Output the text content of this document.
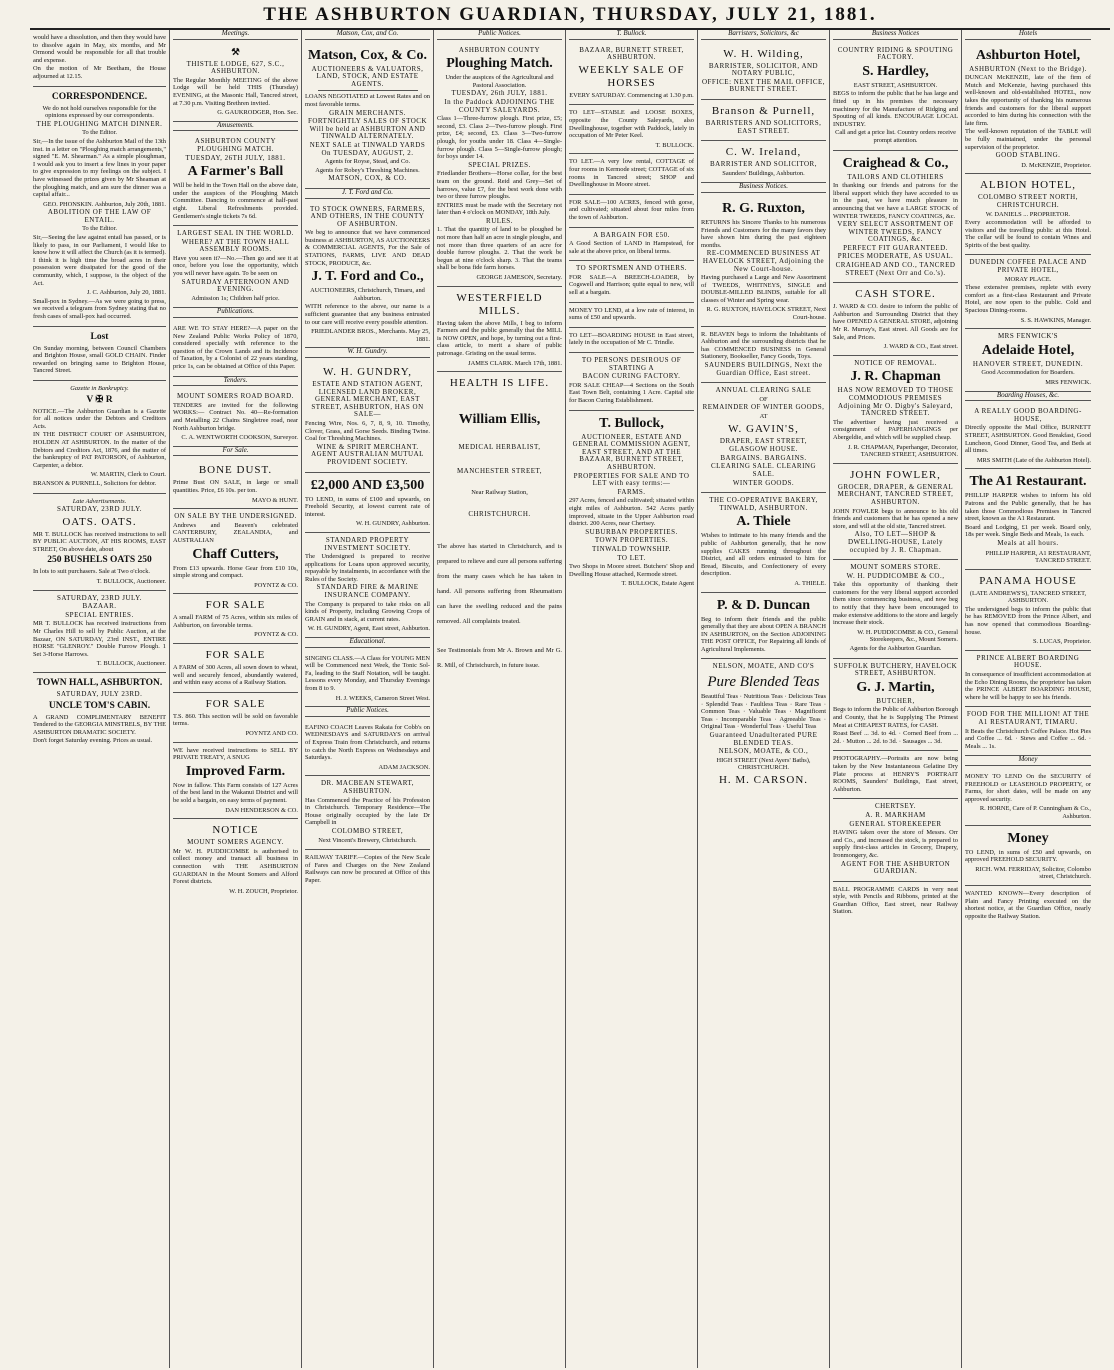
THE ASHBURTON GUARDIAN, THURSDAY, JULY 21, 1881.
would have a dissolution, and then they would have to dissolve again in May, six months, and Mr Ormond would be responsible for all that trouble and expense.
On the motion of Mr Beetham, the House adjourned at 12.15.
CORRESPONDENCE.
We do not hold ourselves responsible for the opinions expressed by our correspondents.
THE PLOUGHING MATCH DINNER.
To the Editor.
Sir,—In the issue of the Ashburton Mail of the 13th inst. in a letter on "Ploughing match arrangements," signed "E. M. Shearman." As a simple ploughman, I would ask you to insert a few lines in your paper to give expression to my feelings on the subject. I have witnessed the prizes given by Mr Sheaman at the ploughing match, and am sure the dinner was a capital affair...
GEO. PHONSKIN. Ashburton, July 20th, 1881.
ABOLITION OF THE LAW OF ENTAIL.
To the Editor.
Sir,—Seeing the law against entail has passed, or is likely to pass, in our Parliament, I would like to know how it will affect the Church (as it is termed). I think it is high time the broad acres in their possession were dissipated for the good of the community, which, I suppose, is the object of the Act.
J. C. Ashburton, July 20, 1881.
Small-pox in Sydney.—As we were going to press, we received a telegram from Sydney stating that no fresh cases of small-pox had occurred.
Lost
On Sunday morning, between Council Chambers and Brighton House, small GOLD CHAIN. Finder rewarded on bringing same to Brighton House, Tancred Street.
Gazette in Bankruptcy.
V ✠ R
NOTICE.—The Ashburton Guardian is a Gazette for all notices under the Debtors and Creditors Acts.
IN THE DISTRICT COURT OF ASHBURTON, HOLDEN AT ASHBURTON. In the matter of the Debtors and Creditors Act, 1876, and the matter of the bankruptcy of PAT PATORSON, of Ashburton, Carpenter, a debtor.
W. MARTIN, Clerk to Court.
BRANSON & PURNELL, Solicitors for debtor.
Late Advertisements.
SATURDAY, 23RD JULY.
OATS. OATS.
MR T. BULLOCK has received instructions to sell BY PUBLIC AUCTION, AT HIS ROOMS, EAST STREET, On above date, about
250 BUSHELS OATS 250
In lots to suit purchasers. Sale at Two o'clock.
T. BULLOCK, Auctioneer.
SATURDAY, 23RD JULY.
BAZAAR.
SPECIAL ENTRIES.
MR T. BULLOCK has received instructions from Mr Charles Hill to sell by Public Auction, at the Bazaar, ON SATURDAY, 23rd INST., ENTIRE HORSE "GLENROY." Double Furrow Plough. 1 Set 3-Horse Harrows.
T. BULLOCK, Auctioneer.
TOWN HALL, ASHBURTON.
SATURDAY, JULY 23RD.
UNCLE TOM'S CABIN.
A GRAND COMPLIMENTARY BENEFIT Tendered to the GEORGIA MINSTRELS, BY THE ASHBURTON DRAMATIC SOCIETY.
Don't forget Saturday evening. Prices as usual.
Meetings.
⚒
THISTLE LODGE, 627, S.C., ASHBURTON.
The Regular Monthly MEETING of the above Lodge will be held THIS (Thursday) EVENING, at the Masonic Hall, Tancred street, at 7.30 p.m. Visiting Brethren invited.
G. GAUKRODGER, Hon. Sec.
Amusements.
ASHBURTON COUNTY PLOUGHING MATCH.
TUESDAY, 26TH JULY, 1881.
A Farmer's Ball
Will be held in the Town Hall on the above date, under the auspices of the Ploughing Match Committee. Dancing to commence at half-past eight. Liberal Refreshments provided. Gentlemen's single tickets 7s 6d.
LARGEST SEAL IN THE WORLD.
WHERE? AT THE TOWN HALL ASSEMBLY ROOMS.
Have you seen it?—No.—Then go and see it at once, before you lose the opportunity, which you will never have again. To be seen on
SATURDAY AFTERNOON AND EVENING.
Admission 1s; Children half price.
Publications.
ARE WE TO STAY HERE?—A paper on the New Zealand Public Works Policy of 1870, considered specially with reference to the question of the Crown Lands and its Incidence of Taxation, by a Colonist of 22 years standing, price 1s, can be obtained at Office of this Paper.
Tenders.
MOUNT SOMERS ROAD BOARD.
TENDERS are invited for the following WORKS:— Contract No. 40—Re-formation and Metalling 22 Chains Singletree road, near North Ashburton bridge.
C. A. WENTWORTH COOKSON, Surveyor.
For Sale.
BONE DUST.
Prime Bust ON SALE, in large or small quantities. Price, £6 10s. per ton.
MAYO & HUNT.
ON SALE BY THE UNDERSIGNED.
Andrews and Beaven's celebrated CANTERBURY, ZEALANDIA, and AUSTRALIAN
Chaff Cutters,
From £13 upwards. Horse Gear from £10 10s, simple strong and compact.
POYNTZ & CO.
FOR SALE
A small FARM of 75 Acres, within six miles of Ashburton, on favorable terms.
POYNTZ & CO.
FOR SALE
A FARM of 300 Acres, all sown down to wheat, well and securely fenced, abundantly watered, and within easy access of a Railway Station.
FOR SALE
T.S. 860. This section will be sold on favorable terms.
POYNTZ AND CO.
WE have received instructions to SELL BY PRIVATE TREATY, A SNUG
Improved Farm.
Now in fallow. This Farm consists of 127 Acres of the best land in the Wakanui District and will be sold a bargain, on easy terms of payment.
DAN HENDERSON & CO.
NOTICE
MOUNT SOMERS AGENCY.
Mr W. H. PUDDICOMBE is authorised to collect money and transact all business in connection with THE ASHBURTON GUARDIAN in the Mount Somers and Alford Forest districts.
W. H. ZOUCH, Proprietor.
Matson, Cox, and Co.
Matson, Cox, & Co.
AUCTIONEERS & VALUATORS, LAND, STOCK, AND ESTATE AGENTS.
LOANS NEGOTIATED at Lowest Rates and on most favorable terms.
GRAIN MERCHANTS.
FORTNIGHTLY SALES OF STOCK Will be held at ASHBURTON AND TINWALD ALTERNATELY.
NEXT SALE at TINWALD YARDS On TUESDAY, AUGUST, 2.
Agents for Royse, Stead, and Co.
Agents for Robey's Threshing Machines.
MATSON, COX, & CO.
J. T. Ford and Co.
TO STOCK OWNERS, FARMERS, AND OTHERS, IN THE COUNTY OF ASHBURTON.
We beg to announce that we have commenced business at ASHBURTON, AS AUCTIONEERS & COMMERCIAL AGENTS, For the Sale of STATIONS, FARMS, LIVE AND DEAD STOCK, PRODUCE, &c.
J. T. Ford and Co.,
AUCTIONEERS, Christchurch, Timaru, and Ashburton.
WITH reference to the above, our name is a sufficient guarantee that any business entrusted to our care will receive every possible attention.
FRIEDLANDER BROS., Merchants. May 25, 1881.
W. H. Gundry.
W. H. GUNDRY,
ESTATE AND STATION AGENT, LICENSED LAND BROKER, GENERAL MERCHANT, EAST STREET, ASHBURTON, HAS ON SALE—
Fencing Wire, Nos. 6, 7, 8, 9, 10. Timothy, Clover, Grass, and Gorse Seeds. Binding Twine. Coal for Threshing Machines.
WINE & SPIRIT MERCHANT. AGENT AUSTRALIAN MUTUAL PROVIDENT SOCIETY.
£2,000 AND £3,500
TO LEND, in sums of £100 and upwards, on Freehold Security, at lowest current rate of interest.
W. H. GUNDRY, Ashburton.
STANDARD PROPERTY INVESTMENT SOCIETY.
The Undersigned is prepared to receive applications for Loans upon approved security, repayable by instalments, in accordance with the Rules of the Society.
STANDARD FIRE & MARINE INSURANCE COMPANY.
The Company is prepared to take risks on all kinds of Property, including Growing Crops of GRAIN and in stack, at current rates.
W. H. GUNDRY, Agent, East street, Ashburton.
Educational.
SINGING CLASS.—A Class for YOUNG MEN will be Commenced next Week, the Tonic Sol-Fa, leading to the Staff Notation, will be taught. Lessons every Monday, and Thursday Evenings from 8 to 9.
H. J. WEEKS, Cameron Street West.
Public Notices.
EAFINO COACH Leaves Rakaia for Cobb's on WEDNESDAYS and SATURDAYS on arrival of Express Train from Christchurch, and returns to catch the North Express on Wednesdays and Saturdays.
ADAM JACKSON.
DR. MACBEAN STEWART, ASHBURTON.
Has Commenced the Practice of his Profession in Christchurch. Temporary Residence—The House originally occupied by the late Dr Campbell in
COLOMBO STREET,
Next Vincent's Brewery, Christchurch.
RAILWAY TARIFF.—Copies of the New Scale of Fares and Charges on the New Zealand Railways can now be procured at Office of this Paper.
Public Notices.
ASHBURTON COUNTY
Ploughing Match.
Under the auspices of the Agricultural and Pastoral Association.
TUESDAY, 26th JULY, 1881.
In the Paddock ADJOINING THE COUNTY SALEYARDS.
Class 1—Three-furrow plough. First prize, £5; second, £3. Class 2—Two-furrow plough. First prize, £4; second, £3. Class 3—Two-furrow plough, for youths under 18. Class 4—Single-furrow plough. Class 5—Single-furrow plough; for boys under 14.
SPECIAL PRIZES.
Friedlander Brothers—Horse collar, for the best team on the ground. Reid and Grey—Set of harrows, value £7, for the best work done with two or three furrow ploughs.
ENTRIES must be made with the Secretary not later than 4 o'clock on MONDAY, 18th July.
RULES.
1. That the quantity of land to be ploughed be not more than half an acre in single ploughs, and not more than three quarters of an acre for double furrow ploughs. 2. That the work be begun at nine o'clock sharp. 3. That the teams shall be bona fide farm horses.
GEORGE JAMESON, Secretary.
WESTERFIELD MILLS.
Having taken the above Mills, I beg to inform Farmers and the public generally that the MILL is NOW OPEN, and hope, by turning out a first-class article, to merit a share of public patronage. Gristing on the usual terms.
JAMES CLARK. March 17th, 1881.
HEALTH IS LIFE.
William Ellis,
MEDICAL HERBALIST,
MANCHESTER STREET,
Near Railway Station,
CHRISTCHURCH.
The above has started in Christchurch, and is prepared to relieve and cure all persons suffering from the many cases which he has taken in hand. All persons suffering from Rheumatism can have the swelling reduced and the pains removed. All complaints treated.
See Testimonials from Mr A. Brown and Mr G. R. Mill, of Christchurch, in future issue.
T. Bullock.
BAZAAR, BURNETT STREET, ASHBURTON.
WEEKLY SALE OF HORSES
EVERY SATURDAY. Commencing at 1.30 p.m.
TO LET—STABLE and LOOSE BOXES, opposite the County Saleyards, also Dwellinghouse, together with Paddock, lately in occupation of Mr Peter Keel.
T. BULLOCK.
TO LET.—A very low rental, COTTAGE of four rooms in Kermode street; COTTAGE of six rooms in Tancred street; SHOP and Dwellinghouse in Moore street.
FOR SALE—100 ACRES, fenced with gorse, and cultivated; situated about four miles from the town of Ashburton.
A BARGAIN FOR £50.
A Good Section of LAND in Hampstead, for sale at the above price, on liberal terms.
TO SPORTSMEN AND OTHERS.
FOR SALE—A BREECH-LOADER, by Cogswell and Harrison; quite equal to new, will sell at a bargain.
MONEY TO LEND, at a low rate of interest, in sums of £50 and upwards.
TO LET—BOARDING HOUSE in East street, lately in the occupation of Mr C. Trindle.
TO PERSONS DESIROUS OF STARTING A
BACON CURING FACTORY.
FOR SALE CHEAP—4 Sections on the South East Town Belt, containing 1 Acre. Capital site for Bacon Curing Establishment.
T. Bullock,
AUCTIONEER, ESTATE AND GENERAL COMMISSION AGENT, EAST STREET, AND AT THE BAZAAR, BURNETT STREET, ASHBURTON.
PROPERTIES FOR SALE AND TO LET with easy terms:—
FARMS.
297 Acres, fenced and cultivated; situated within eight miles of Ashburton. 542 Acres partly improved, situate in the Upper Ashburton road district. 200 Acres, near Chertsey.
SUBURBAN PROPERTIES.
TOWN PROPERTIES.
TINWALD TOWNSHIP.
TO LET.
Two Shops in Moore street. Butchers' Shop and Dwelling House attached, Kermode street.
T. BULLOCK, Estate Agent
Barristers, Solicitors, &c
W. H. Wilding,
BARRISTER, SOLICITOR, AND NOTARY PUBLIC,
OFFICE: NEXT THE MAIL OFFICE, BURNETT STREET.
Branson & Purnell,
BARRISTERS AND SOLICITORS, EAST STREET.
C. W. Ireland,
BARRISTER AND SOLICITOR,
Saunders' Buildings, Ashburton.
Business Notices.
R. G. Ruxton,
RETURNS his Sincere Thanks to his numerous Friends and Customers for the many favors they have shown him during the past eighteen months.
RE-COMMENCED BUSINESS AT HAVELOCK STREET, Adjoining the New Court-house.
Having purchased a Large and New Assortment of TWEEDS, WHITNEYS, SINGLE and DOUBLE-MILLED BLINDS, suitable for all classes of Winter and Spring wear.
R. G. RUXTON, HAVELOCK STREET, Next Court-house.
R. BEAVEN begs to inform the Inhabitants of Ashburton and the surrounding districts that he has COMMENCED BUSINESS in General Stationery, Bookseller, Fancy Goods, Toys.
SAUNDERS BUILDINGS, Next the Guardian Office, East street.
ANNUAL CLEARING SALE
OF
REMAINDER OF WINTER GOODS,
AT
W. GAVIN'S,
DRAPER, EAST STREET,
GLASGOW HOUSE.
BARGAINS. BARGAINS.
CLEARING SALE. CLEARING SALE.
WINTER GOODS.
THE CO-OPERATIVE BAKERY, TINWALD, ASHBURTON.
A. Thiele
Wishes to intimate to his many friends and the public of Ashburton generally, that he now supplies CAKES running throughout the District, and all orders entrusted to him for Bread, Biscuits, and Confectionery of every description.
A. THIELE.
P. & D. Duncan
Beg to inform their friends and the public generally that they are about OPEN A BRANCH IN ASHBURTON, on the Section ADJOINING THE POST OFFICE, For Repairing all kinds of Agricultural Implements.
NELSON, MOATE, AND CO'S
Pure Blended Teas
Beautiful Teas · Nutritious Teas · Delicious Teas · Splendid Teas · Faultless Teas · Rare Teas · Common Teas · Valuable Teas · Magnificent Teas · Incomparable Teas · Agreeable Teas · Original Teas · Wonderful Teas · Useful Teas
Guaranteed Unadulterated PURE BLENDED TEAS.
NELSON, MOATE, & CO.,
HIGH STREET (Next Ayers' Baths), CHRISTCHURCH.
H. M. CARSON.
Business Notices
COUNTRY RIDING & SPOUTING FACTORY.
S. Hardley,
EAST STREET, ASHBURTON.
BEGS to inform the public that he has large and fitted up in his premises the necessary machinery for the Manufacture of Ridging and Spouting of all kinds. ENCOURAGE LOCAL INDUSTRY.
Call and get a price list. Country orders receive prompt attention.
Craighead & Co.,
TAILORS AND CLOTHIERS
In thanking our friends and patrons for the liberal support which they have accorded to us in the past, we have much pleasure in announcing that we have a LARGE STOCK of WINTER TWEEDS, FANCY COATINGS, &c.
VERY SELECT ASSORTMENT OF WINTER TWEEDS, FANCY COATINGS, &c.
PERFECT FIT GUARANTEED.
PRICES MODERATE, AS USUAL.
CRAIGHEAD AND CO., TANCRED STREET (Next Orr and Co.'s).
CASH STORE.
J. WARD & CO. desire to inform the public of Ashburton and Surrounding District that they have OPENED A GENERAL STORE, adjoining Mr R. Murray's, East street. All Goods are for Sale, and Prices.
J. WARD & CO., East street.
NOTICE OF REMOVAL.
J. R. Chapman
HAS NOW REMOVED TO THOSE COMMODIOUS PREMISES Adjoining Mr O. Digby's Saleyard, TANCRED STREET.
The advertiser having just received a consignment of PAPERHANGINGS per Abergeldie, and which will be supplied cheap.
J. R. CHAPMAN, Paperhanger, Decorator, TANCRED STREET, ASHBURTON.
JOHN FOWLER,
GROCER, DRAPER, & GENERAL MERCHANT, TANCRED STREET, ASHBURTON.
JOHN FOWLER begs to announce to his old friends and customers that he has opened a new store, and will at the old site, Tancred street.
Also, TO LET—SHOP & DWELLING-HOUSE, Lately occupied by J. R. Chapman.
MOUNT SOMERS STORE.
W. H. PUDDICOMBE & CO.,
Take this opportunity of thanking their customers for the very liberal support accorded them since commencing business, and now beg to notify that they have been encouraged to make extensive additions to the store and largely increase their stock.
W. H. PUDDICOMBE & CO., General Storekeepers, &c., Mount Somers.
Agents for the Ashburton Guardian.
SUFFOLK BUTCHERY, HAVELOCK STREET, ASHBURTON.
G. J. Martin,
BUTCHER,
Begs to inform the Public of Ashburton Borough and County, that he is Supplying The Primest Meat at CHEAPEST RATES, for CASH.
Roast Beef ... 3d. to 4d. · Corned Beef from ... 2d. · Mutton ... 2d. to 3d. · Sausages ... 3d.
PHOTOGRAPHY.—Portraits are now being taken by the New Instantaneous Gelatine Dry Plate process at HENRY'S PORTRAIT ROOMS, Saunders' Buildings, East street, Ashburton.
CHERTSEY.
A. R. MARKHAM
GENERAL STOREKEEPER
HAVING taken over the store of Messrs. Orr and Co., and increased the stock, is prepared to supply first-class articles in Grocery, Drapery, Ironmongery, &c.
AGENT FOR THE ASHBURTON GUARDIAN.
BALL PROGRAMME CARDS in very neat style, with Pencils and Ribbons, printed at the Guardian Office, East street, near Railway Station.
Hotels
Ashburton Hotel,
ASHBURTON (Next to the Bridge).
DUNCAN McKENZIE, late of the firm of Mutch and McKenzie, having purchased this well-known and old-established HOTEL, now takes the opportunity of thanking his numerous friends and customers for the liberal support accorded to him during his connection with the late firm.
The well-known reputation of the TABLE will be fully maintained, under the personal supervision of the proprietor.
GOOD STABLING.
D. McKENZIE, Proprietor.
ALBION HOTEL,
COLOMBO STREET NORTH, CHRISTCHURCH.
W. DANIELS ... PROPRIETOR.
Every accommodation will be afforded to visitors and the travelling public at this Hotel. The cellar will be found to contain Wines and Spirits of the best quality.
DUNEDIN COFFEE PALACE AND PRIVATE HOTEL,
MORAY PLACE.
These extensive premises, replete with every comfort as a first-class Restaurant and Private Hotel, are now open to the public. Cold and Spacious Dining-rooms.
S. S. HAWKINS, Manager.
MRS FENWICK'S
Adelaide Hotel,
HANOVER STREET, DUNEDIN.
Good Accommodation for Boarders.
MRS FENWICK.
Boarding Houses, &c.
A REALLY GOOD BOARDING-HOUSE,
Directly opposite the Mail Office, BURNETT STREET, ASHBURTON. Good Breakfast, Good Luncheon, Good Dinner, Good Tea, and Beds at all times.
MRS SMITH (Late of the Ashburton Hotel).
The A1 Restaurant.
PHILLIP HARPER wishes to inform his old Patrons and the Public generally, that he has taken those Commodious Premises in Tancred street, known as the A1 Restaurant.
Board and Lodging, £1 per week. Board only, 18s per week. Single Beds and Meals, 1s each.
Meals at all hours.
PHILLIP HARPER, A1 RESTAURANT, TANCRED STREET.
PANAMA HOUSE
(LATE ANDREWS'S), TANCRED STREET, ASHBURTON.
The undersigned begs to inform the public that he has REMOVED from the Prince Albert, and has now opened that commodious Boarding-house.
S. LUCAS, Proprietor.
PRINCE ALBERT BOARDING HOUSE.
In consequence of insufficient accommodation at the Echo Dining Rooms, the proprietor has taken the PRINCE ALBERT BOARDING HOUSE, where he will be happy to see his friends.
FOOD FOR THE MILLION! AT THE A1 RESTAURANT, TIMARU.
It Beats the Christchurch Coffee Palace. Hot Pies and Coffee ... 6d. · Stews and Coffee ... 6d. · Meals ... 1s.
Money
MONEY TO LEND On the SECURITY of FREEHOLD or LEASEHOLD PROPERTY, or Farms, for short dates, will be made on any approved security.
R. HORNE, Care of P. Cunningham & Co., Ashburton.
Money
TO LEND, in sums of £50 and upwards, on approved FREEHOLD SECURITY.
RICH. WM. FERRIDAY, Solicitor, Colombo street, Christchurch.
WANTED KNOWN—Every description of Plain and Fancy Printing executed on the shortest notice, at the Guardian Office, nearly opposite the Railway Station.
